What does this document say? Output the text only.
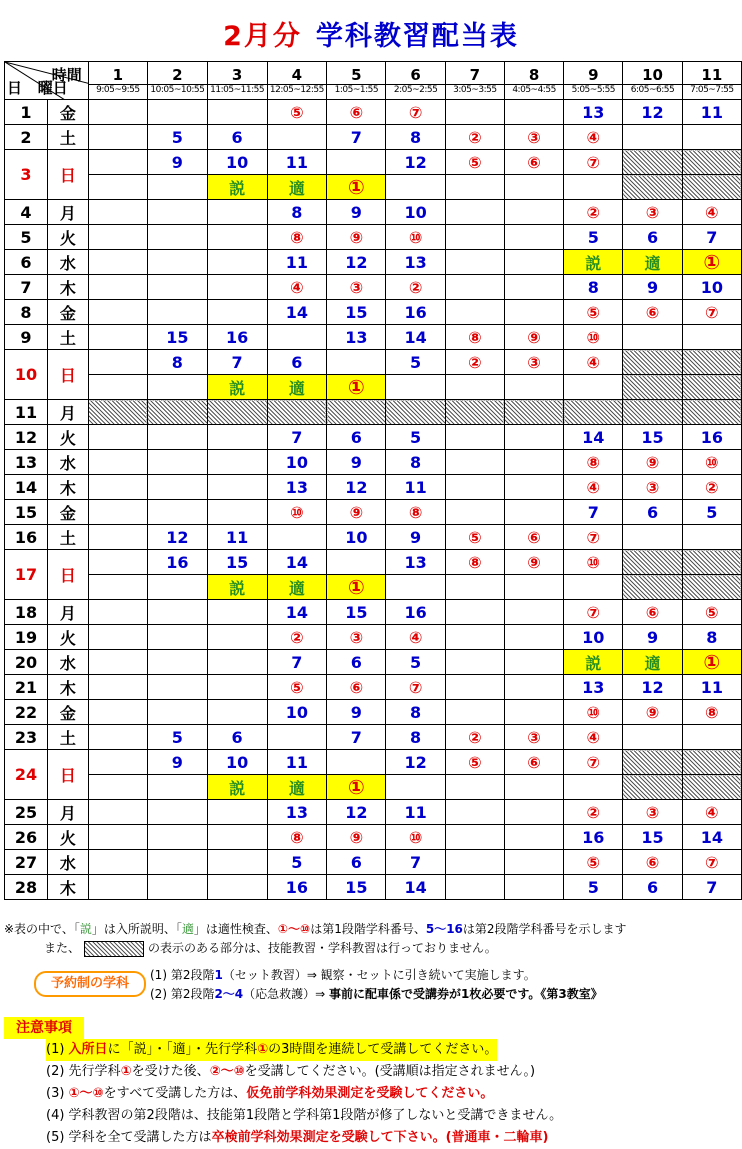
2月分 学科教習配当表
時間
曜日
日		1	2	3	4	5	6	7	8	9	10	11
		9:05~9:55	10:05~10:55	11:05~11:55	12:05~12:55	1:05~1:55	2:05~2:55	3:05~3:55	4:05~4:55	5:05~5:55	6:05~6:55	7:05~7:55
1	金				⑤	⑥	⑦			13	12	11
2	土		5	6		7	8	②	③	④		
3	日		9	10	11		12	⑤	⑥	⑦		
				説	適	①						
4	月				8	9	10			②	③	④
5	火				⑧	⑨	⑩			5	6	7
6	水				11	12	13			説	適	①
7	木				④	③	②			8	9	10
8	金				14	15	16			⑤	⑥	⑦
9	土		15	16		13	14	⑧	⑨	⑩		
10	日		8	7	6		5	②	③	④		
				説	適	①						
11	月											
12	火				7	6	5			14	15	16
13	水				10	9	8			⑧	⑨	⑩
14	木				13	12	11			④	③	②
15	金				⑩	⑨	⑧			7	6	5
16	土		12	11		10	9	⑤	⑥	⑦		
17	日		16	15	14		13	⑧	⑨	⑩		
				説	適	①						
18	月				14	15	16			⑦	⑥	⑤
19	火				②	③	④			10	9	8
20	水				7	6	5			説	適	①
21	木				⑤	⑥	⑦			13	12	11
22	金				10	9	8			⑩	⑨	⑧
23	土		5	6		7	8	②	③	④		
24	日		9	10	11		12	⑤	⑥	⑦		
				説	適	①						
25	月				13	12	11			②	③	④
26	火				⑧	⑨	⑩			16	15	14
27	水				5	6	7			⑤	⑥	⑦
28	木				16	15	14			5	6	7
※表の中で、「説」は入所説明、「適」は適性検査、①～⑩は第1段階学科番号、5～16は第2段階学科番号を示します
また、	の表示のある部分は、技能教習・学科教習は行っておりません。
予約制の学科
(1) 第2段階1（セット教習）⇒ 観察・セットに引き続いて実施します。
(2) 第2段階2～4（応急救護）⇒ 事前に配車係で受講券が1枚必要です。《第3教室》
注意事項
(1) 入所日に「説」・「適」・先行学科①の3時間を連続して受講してください。
(2) 先行学科①を受けた後、②～⑩を受講してください。(受講順は指定されません。)
(3) ①～⑩をすべて受講した方は、仮免前学科効果測定を受験してください。
(4) 学科教習の第2段階は、技能第1段階と学科第1段階が修了しないと受講できません。
(5) 学科を全て受講した方は卒検前学科効果測定を受験して下さい。(普通車・二輪車)
